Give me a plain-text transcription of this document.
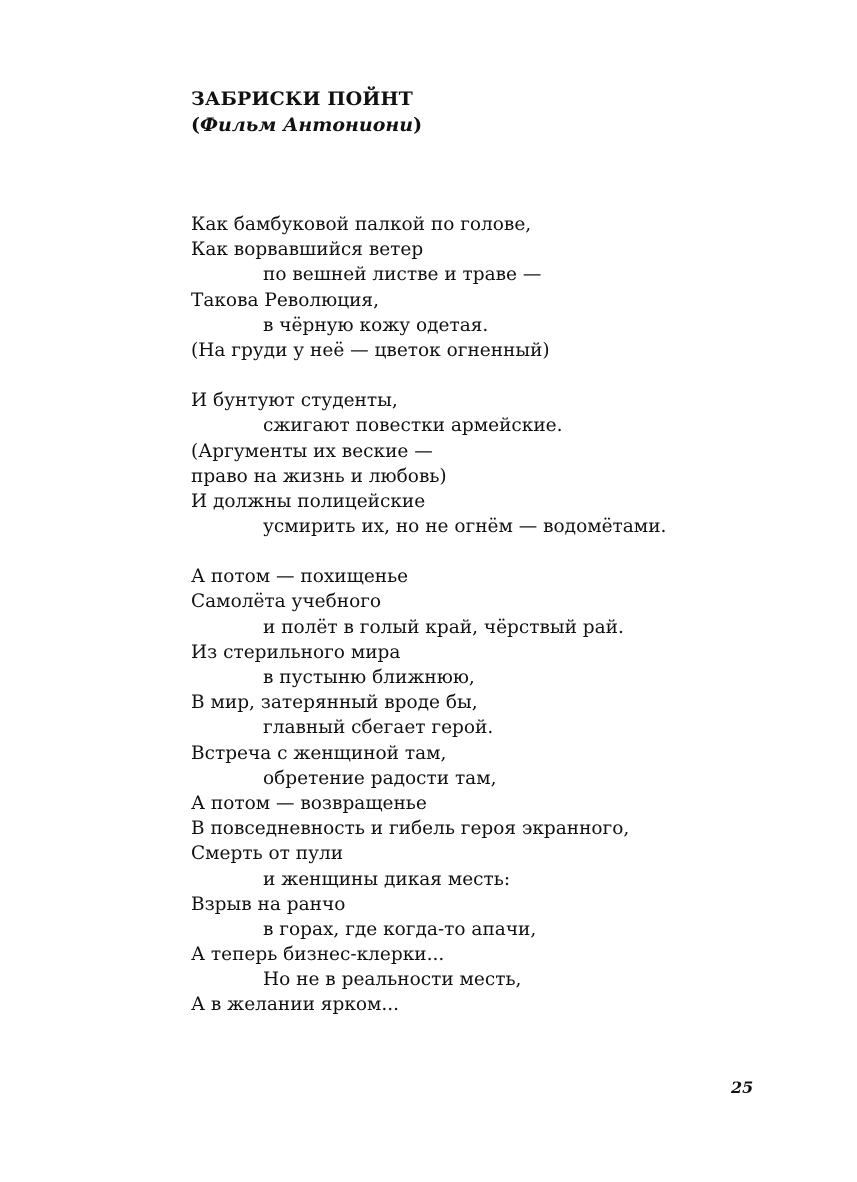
ЗАБРИСКИ ПОЙНТ
(Фильм Антониони)
Как бамбуковой палкой по голове,
Как ворвавшийся ветер
по вешней листве и траве —
Такова Революция,
в чёрную кожу одетая.
(На груди у неё — цветок огненный)
И бунтуют студенты,
сжигают повестки армейские.
(Аргументы их веские —
право на жизнь и любовь)
И должны полицейские
усмирить их, но не огнём — водомётами.
А потом — похищенье
Самолёта учебного
и полёт в голый край, чёрствый рай.
Из стерильного мира
в пустыню ближнюю,
В мир, затерянный вроде бы,
главный сбегает герой.
Встреча с женщиной там,
обретение радости там,
А потом — возвращенье
В повседневность и гибель героя экранного,
Смерть от пули
и женщины дикая месть:
Взрыв на ранчо
в горах, где когда-то апачи,
А теперь бизнес-клерки...
Но не в реальности месть,
А в желании ярком...
25
